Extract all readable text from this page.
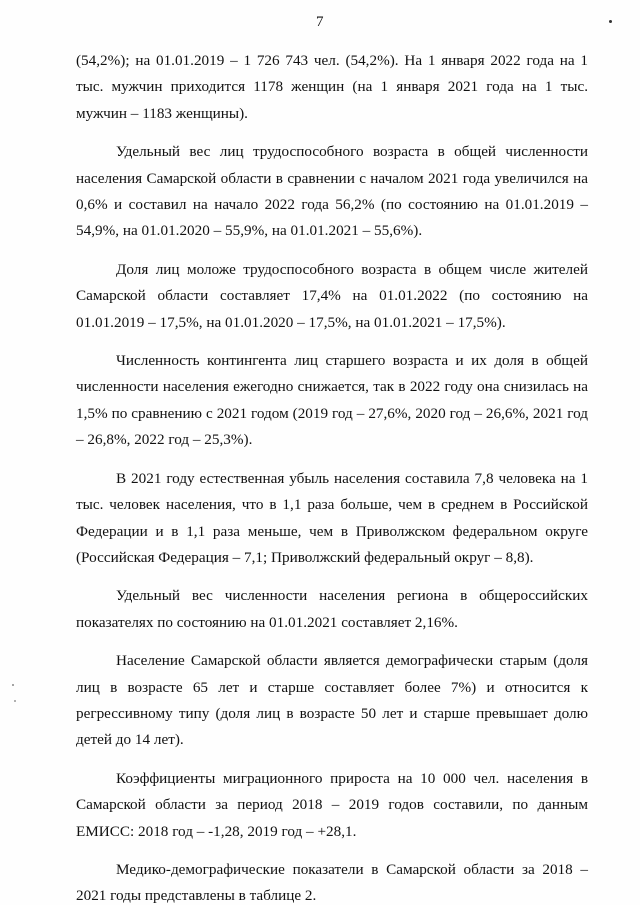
7

(54,2%); на 01.01.2019 – 1 726 743 чел. (54,2%). На 1 января 2022 года на 1 тыс. мужчин приходится 1178 женщин (на 1 января 2021 года на 1 тыс. мужчин – 1183 женщины).

Удельный вес лиц трудоспособного возраста в общей численности населения Самарской области в сравнении с началом 2021 года увеличился на 0,6% и составил на начало 2022 года 56,2% (по состоянию на 01.01.2019 – 54,9%, на 01.01.2020 – 55,9%, на 01.01.2021 – 55,6%).

Доля лиц моложе трудоспособного возраста в общем числе жителей Самарской области составляет 17,4% на 01.01.2022 (по состоянию на 01.01.2019 – 17,5%, на 01.01.2020 – 17,5%, на 01.01.2021 – 17,5%).

Численность контингента лиц старшего возраста и их доля в общей численности населения ежегодно снижается, так в 2022 году она снизилась на 1,5% по сравнению с 2021 годом (2019 год – 27,6%, 2020 год – 26,6%, 2021 год – 26,8%, 2022 год – 25,3%).

В 2021 году естественная убыль населения составила 7,8 человека на 1 тыс. человек населения, что в 1,1 раза больше, чем в среднем в Российской Федерации и в 1,1 раза меньше, чем в Приволжском федеральном округе (Российская Федерация – 7,1; Приволжский федеральный округ – 8,8).

Удельный вес численности населения региона в общероссийских показателях по состоянию на 01.01.2021 составляет 2,16%.

Население Самарской области является демографически старым (доля лиц в возрасте 65 лет и старше составляет более 7%) и относится к регрессивному типу (доля лиц в возрасте 50 лет и старше превышает долю детей до 14 лет).

Коэффициенты миграционного прироста на 10 000 чел. населения в Самарской области за период 2018 – 2019 годов составили, по данным ЕМИСС: 2018 год – -1,28, 2019 год – +28,1.

Медико-демографические показатели в Самарской области за 2018 – 2021 годы представлены в таблице 2.
